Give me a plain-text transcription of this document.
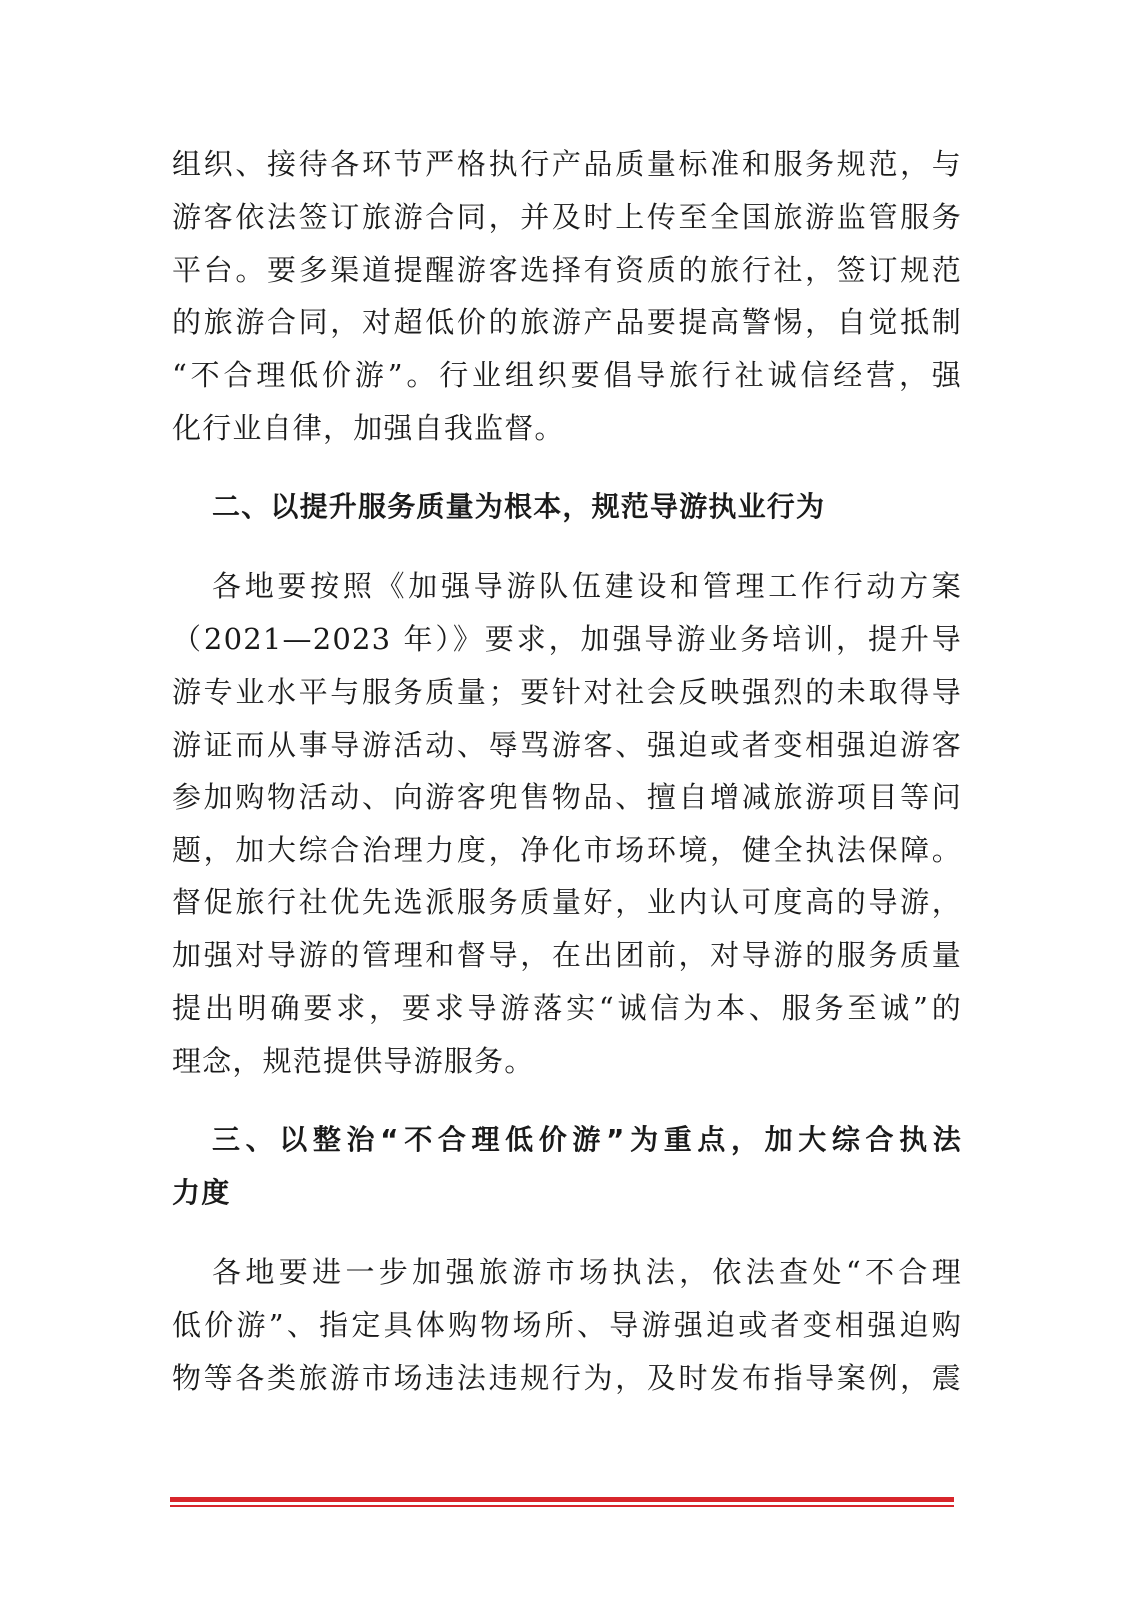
组织、接待各环节严格执行产品质量标准和服务规范，与
游客依法签订旅游合同，并及时上传至全国旅游监管服务
平台。要多渠道提醒游客选择有资质的旅行社，签订规范
的旅游合同，对超低价的旅游产品要提高警惕，自觉抵制
“不合理低价游”。行业组织要倡导旅行社诚信经营，强
化行业自律，加强自我监督。
二、以提升服务质量为根本，规范导游执业行为
各地要按照《加强导游队伍建设和管理工作行动方案
（2021—2023 年）》要求，加强导游业务培训，提升导
游专业水平与服务质量；要针对社会反映强烈的未取得导
游证而从事导游活动、辱骂游客、强迫或者变相强迫游客
参加购物活动、向游客兜售物品、擅自增减旅游项目等问
题，加大综合治理力度，净化市场环境，健全执法保障。
督促旅行社优先选派服务质量好，业内认可度高的导游，
加强对导游的管理和督导，在出团前，对导游的服务质量
提出明确要求，要求导游落实“诚信为本、服务至诚”的
理念，规范提供导游服务。
三、以整治“不合理低价游”为重点，加大综合执法
力度
各地要进一步加强旅游市场执法，依法查处“不合理
低价游”、指定具体购物场所、导游强迫或者变相强迫购
物等各类旅游市场违法违规行为，及时发布指导案例，震
